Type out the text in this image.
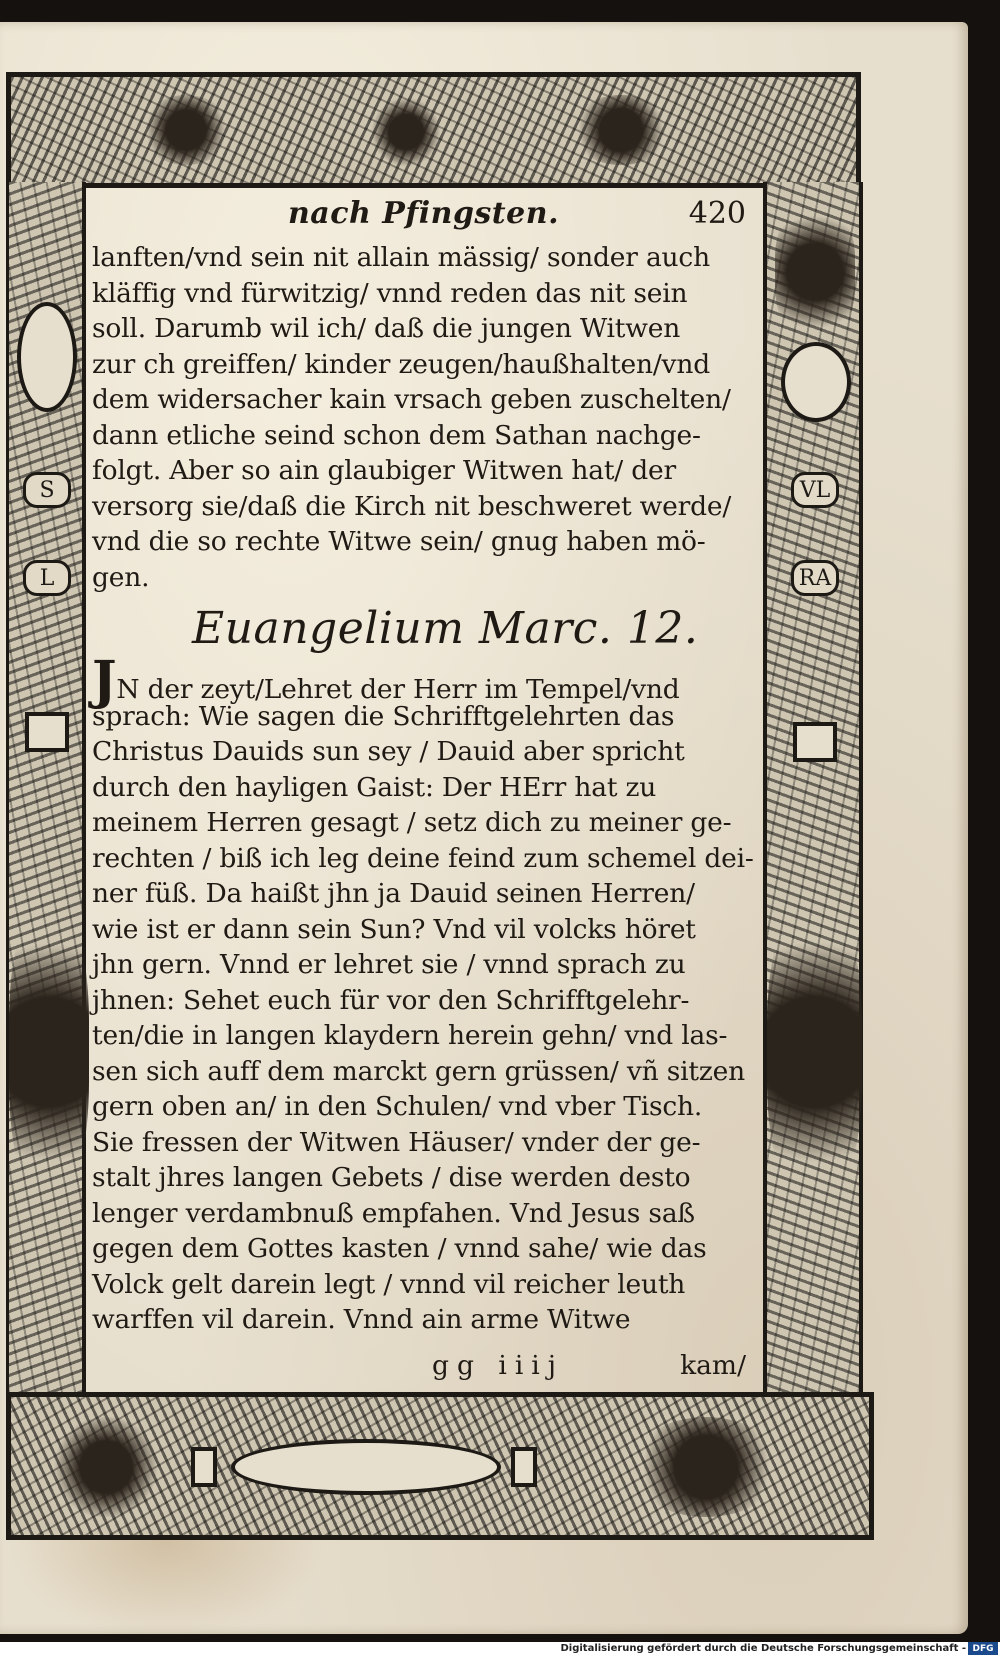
S
L
VL
RA
nach Pfingsten.	420
lanften/vnd sein nit allain mässig/ sonder auch
kläffig vnd fürwitzig/ vnnd reden das nit sein
soll. Darumb wil ich/ daß die jungen Witwen
zur ch greiffen/ kinder zeugen/haußhalten/vnd
dem widersacher kain vrsach geben zuschelten/
dann etliche seind schon dem Sathan nachge-
folgt. Aber so ain glaubiger Witwen hat/ der
versorg sie/daß die Kirch nit beschweret werde/
vnd die so rechte Witwe sein/ gnug haben mö-
gen.
Euangelium Marc. 12.
JN der zeyt/Lehret der Herr im Tempel/vnd
sprach: Wie sagen die Schrifftgelehrten das
Christus Dauids sun sey / Dauid aber spricht
durch den hayligen Gaist: Der HErr hat zu
meinem Herren gesagt / setz dich zu meiner ge-
rechten / biß ich leg deine feind zum schemel dei-
ner füß. Da haißt jhn ja Dauid seinen Herren/
wie ist er dann sein Sun? Vnd vil volcks höret
jhn gern. Vnnd er lehret sie / vnnd sprach zu
jhnen: Sehet euch für vor den Schrifftgelehr-
ten/die in langen klaydern herein gehn/ vnd las-
sen sich auff dem marckt gern grüssen/ vñ sitzen
gern oben an/ in den Schulen/ vnd vber Tisch.
Sie fressen der Witwen Häuser/ vnder der ge-
stalt jhres langen Gebets / dise werden desto
lenger verdambnuß empfahen. Vnd Jesus saß
gegen dem Gottes kasten / vnnd sahe/ wie das
Volck gelt darein legt / vnnd vil reicher leuth
warffen vil darein. Vnnd ain arme Witwe
gg iiij	kam/
Digitalisierung gefördert durch die Deutsche Forschungsgemeinschaft - DFG
